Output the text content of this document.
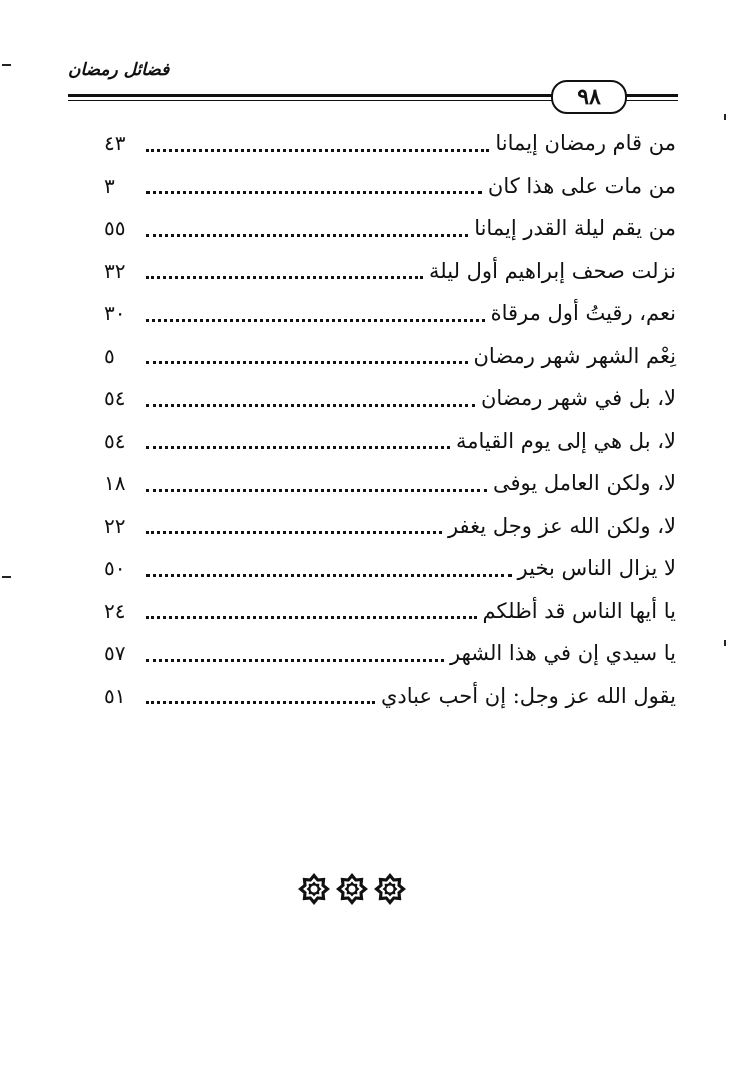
فضائل رمضان
٩٨
من قام رمضان إيمانا
٤٣
من مات على هذا كان
٣
من يقم ليلة القدر إيمانا
٥٥
نزلت صحف إبراهيم أول ليلة
٣٢
نعم، رقيتُ أول مرقاة
٣٠
نِعْم الشهر شهر رمضان
٥
لا، بل في شهر رمضان
٥٤
لا، بل هي إلى يوم القيامة
٥٤
لا، ولكن العامل يوفى
١٨
لا، ولكن الله عز وجل يغفر
٢٢
لا يزال الناس بخير
٥٠
يا أيها الناس قد أظلكم
٢٤
يا سيدي إن في هذا الشهر
٥٧
يقول الله عز وجل: إن أحب عبادي
٥١
